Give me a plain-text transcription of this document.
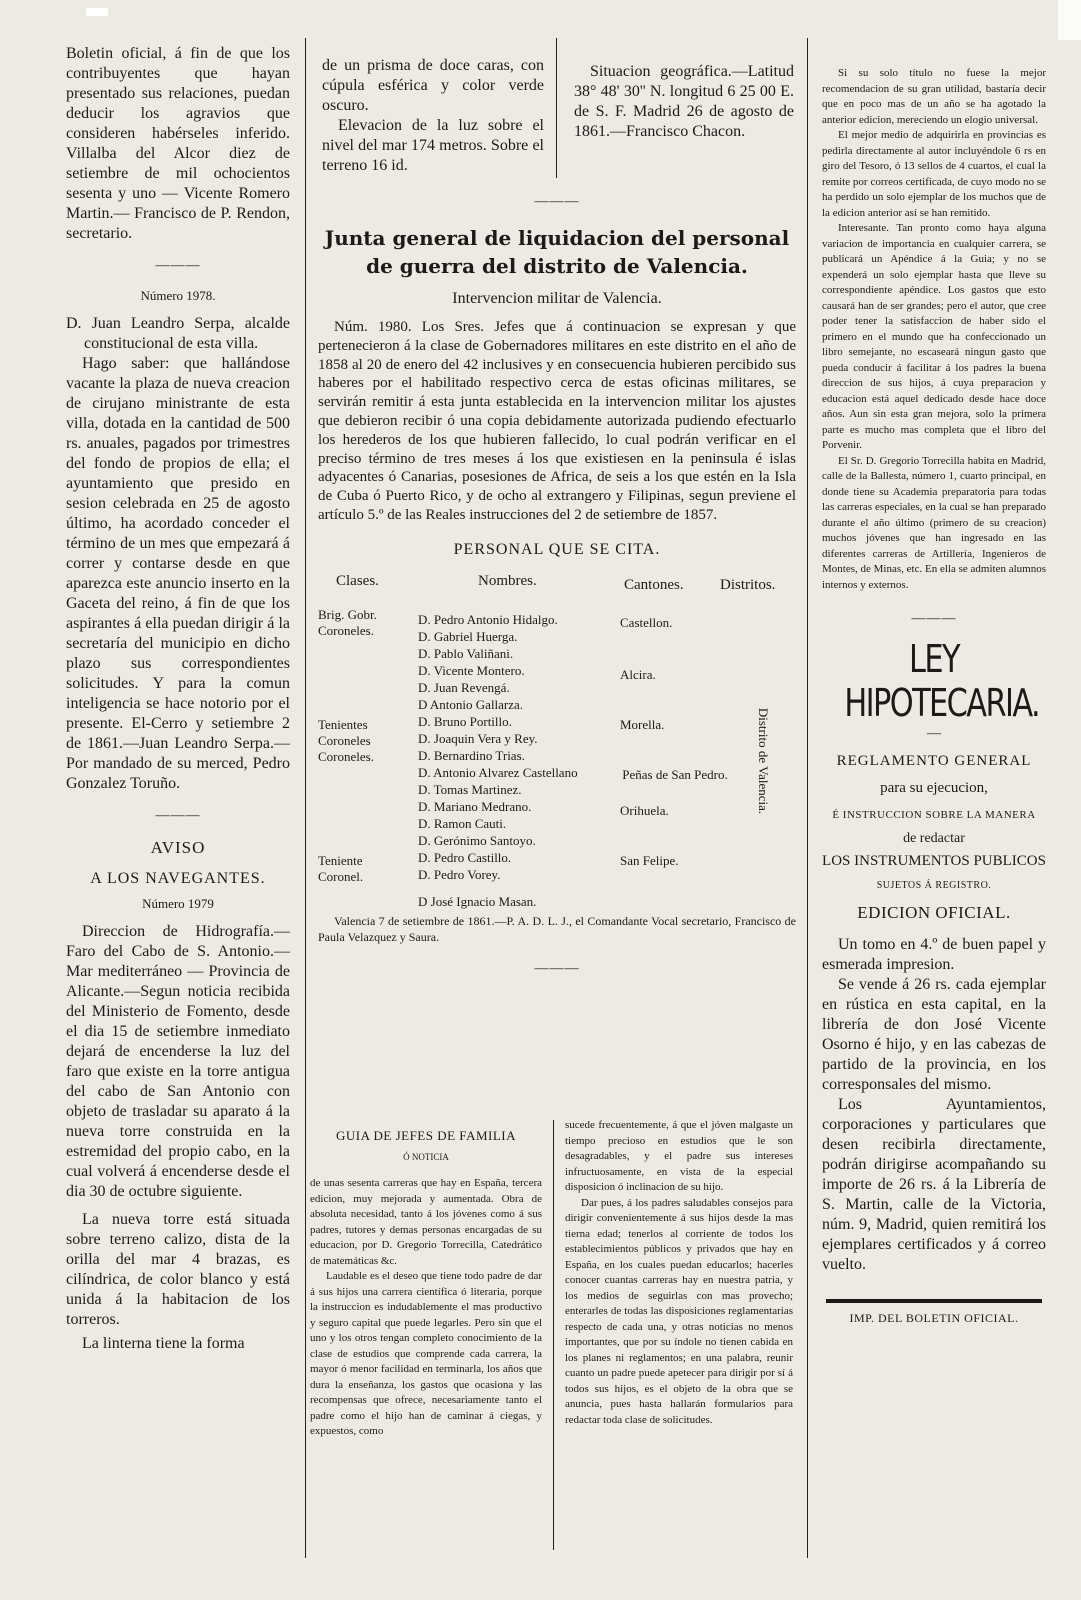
Boletin oficial, á fin de que los contribuyentes que hayan presentado sus relaciones, puedan deducir los agravios que consideren habérseles inferido. Villalba del Alcor diez de setiembre de mil ochocientos sesenta y uno — Vicente Romero Martin.— Francisco de P. Rendon, secretario.

———
Número 1978.

D. Juan Leandro Serpa, alcalde constitucional de esta villa.

Hago saber: que hallándose vacante la plaza de nueva creacion de cirujano ministrante de esta villa, dotada en la cantidad de 500 rs. anuales, pagados por trimestres del fondo de propios de ella; el ayuntamiento que presido en sesion celebrada en 25 de agosto último, ha acordado conceder el término de un mes que empezará á correr y contarse desde en que aparezca este anuncio inserto en la Gaceta del reino, á fin de que los aspirantes á ella puedan dirigir á la secretaría del municipio en dicho plazo sus correspondientes solicitudes. Y para la comun inteligencia se hace notorio por el presente. El-Cerro y setiembre 2 de 1861.—Juan Leandro Serpa.—Por mandado de su merced, Pedro Gonzalez Toruño.

———
AVISO
A LOS NAVEGANTES.
Número 1979

Direccion de Hidrografía.—Faro del Cabo de S. Antonio.—Mar mediterráneo — Provincia de Alicante.—Segun noticia recibida del Ministerio de Fomento, desde el dia 15 de setiembre inmediato dejará de encenderse la luz del faro que existe en la torre antigua del cabo de San Antonio con objeto de trasladar su aparato á la nueva torre construida en la estremidad del propio cabo, en la cual volverá á encenderse desde el dia 30 de octubre siguiente.

La nueva torre está situada sobre terreno calizo, dista de la orilla del mar 4 brazas, es cilíndrica, de color blanco y está unida á la habitacion de los torreros.

La linterna tiene la forma

de un prisma de doce caras, con cúpula esférica y color verde oscuro.

Elevacion de la luz sobre el nivel del mar 174 metros. Sobre el terreno 16 id.

Situacion geográfica.—Latitud 38° 48' 30'' N. longitud 6 25 00 E. de S. F. Madrid 26 de agosto de 1861.—Francisco Chacon.

———
Junta general de liquidacion del personal de guerra del distrito de Valencia.
Intervencion militar de Valencia.

Núm. 1980. Los Sres. Jefes que á continuacion se expresan y que pertenecieron á la clase de Gobernadores militares en este distrito en el año de 1858 al 20 de enero del 42 inclusives y en consecuencia hubieren percibido sus haberes por el habilitado respectivo cerca de estas oficinas militares, se servirán remitir á esta junta establecida en la intervencion militar los ajustes que debieron recibir ó una copia debidamente autorizada pudiendo efectuarlo los herederos de los que hubieren fallecido, lo cual podrán verificar en el preciso término de tres meses á los que existiesen en la peninsula é islas adyacentes ó Canarias, posesiones de Africa, de seis a los que estén en la Isla de Cuba ó Puerto Rico, y de ocho al extrangero y Filipinas, segun previene el artículo 5.º de las Reales instrucciones del 2 de setiembre de 1857.

PERSONAL QUE SE CITA.
Clases.	Nombres.	Cantones. Distritos.
Brig. Gobr. Coroneles.
Tenientes Coroneles Coroneles.
Teniente Coronel.
D. Pedro Antonio Hidalgo.
D. Gabriel Huerga.
D. Pablo Valiñani.
D. Vicente Montero.
D. Juan Revengá.
D Antonio Gallarza.
D. Bruno Portillo.
D. Joaquin Vera y Rey.
D. Bernardino Trias.
D. Antonio Alvarez Castellano
D. Tomas Martinez.
D. Mariano Medrano.
D. Ramon Cauti.
D. Gerónimo Santoyo.
D. Pedro Castillo.
D. Pedro Vorey.
D José Ignacio Masan.
Castellon.
Alcira.
Morella.
Peñas de San Pedro.
Orihuela.
San Felipe.
Distrito de Valencia.

Valencia 7 de setiembre de 1861.—P. A. D. L. J., el Comandante Vocal secretario, Francisco de Paula Velazquez y Saura.

———
GUIA DE JEFES DE FAMILIA
Ó NOTICIA

de unas sesenta carreras que hay en España, tercera edicion, muy mejorada y aumentada. Obra de absoluta necesidad, tanto á los jóvenes como á sus padres, tutores y demas personas encargadas de su educacion, por D. Gregorio Torrecilla, Catedrático de matemáticas &c.

Laudable es el deseo que tiene todo padre de dar á sus hijos una carrera científica ó literaria, porque la instruccion es indudablemente el mas productivo y seguro capital que puede legarles. Pero sin que el uno y los otros tengan completo conocimiento de la clase de estudios que comprende cada carrera, la mayor ó menor facilidad en terminarla, los años que dura la enseñanza, los gastos que ocasiona y las recompensas que ofrece, necesariamente tanto el padre como el hijo han de caminar á ciegas, y expuestos, como

sucede frecuentemente, á que el jóven malgaste un tiempo precioso en estudios que le son desagradables, y el padre sus intereses infructuosamente, en vista de la especial disposicion ó inclinacion de su hijo.

Dar pues, á los padres saludables consejos para dirigir convenientemente á sus hijos desde la mas tierna edad; tenerlos al corriente de todos los establecimientos públicos y privados que hay en España, en los cuales puedan educarlos; hacerles conocer cuantas carreras hay en nuestra patria, y los medios de seguirlas con mas provecho; enterarles de todas las disposiciones reglamentarias respecto de cada una, y otras noticias no menos importantes, que por su índole no tienen cabida en los planes ni reglamentos; en una palabra, reunir cuanto un padre puede apetecer para dirigir por sí á todos sus hijos, es el objeto de la obra que se anuncia, pues hasta hallarán formularios para redactar toda clase de solicitudes.

Si su solo título no fuese la mejor recomendacion de su gran utilidad, bastaría decir que en poco mas de un año se ha agotado la anterior edicion, mereciendo un elogio universal.

El mejor medio de adquirirla en provincias es pedirla directamente al autor incluyéndole 6 rs en giro del Tesoro, ó 13 sellos de 4 cuartos, el cual la remite por correos certificada, de cuyo modo no se ha perdido un solo ejemplar de los muchos que de la edicion anterior así se han remitido.

Interesante. Tan pronto como haya alguna variacion de importancia en cualquier carrera, se publicará un Apéndice á la Guia; y no se expenderá un solo ejemplar hasta que lleve su correspondiente apéndice. Los gastos que esto causará han de ser grandes; pero el autor, que cree poder tener la satisfaccion de haber sido el primero en el mundo que ha confeccionado un libro semejante, no escaseará ningun gasto que pueda conducir á facilitar á los padres la buena direccion de sus hijos, á cuya preparacion y educacion está aquel dedicado desde hace doce años. Aun sin esta gran mejora, solo la primera parte es mucho mas completa que el libro del Porvenir.

El Sr. D. Gregorio Torrecilla habita en Madrid, calle de la Ballesta, número 1, cuarto principal, en donde tiene su Academia preparatoria para todas las carreras especiales, en la cual se han preparado durante el año último (primero de su creacion) muchos jóvenes que han ingresado en las diferentes carreras de Artillería, Ingenieros de Montes, de Minas, etc. En ella se admiten alumnos internos y externos.

———
LEY HIPOTECARIA.
—
REGLAMENTO GENERAL
para su ejecucion,
É INSTRUCCION SOBRE LA MANERA
de redactar
LOS INSTRUMENTOS PUBLICOS
SUJETOS Á REGISTRO.
EDICION OFICIAL.

Un tomo en 4.º de buen papel y esmerada impresion.

Se vende á 26 rs. cada ejemplar en rústica en esta capital, en la librería de don José Vicente Osorno é hijo, y en las cabezas de partido de la provincia, en los corresponsales del mismo.

Los Ayuntamientos, corporaciones y particulares que desen recibirla directamente, podrán dirigirse acompañando su importe de 26 rs. á la Librería de S. Martin, calle de la Victoria, núm. 9, Madrid, quien remitirá los ejemplares certificados y á correo vuelto.

IMP. DEL BOLETIN OFICIAL.
